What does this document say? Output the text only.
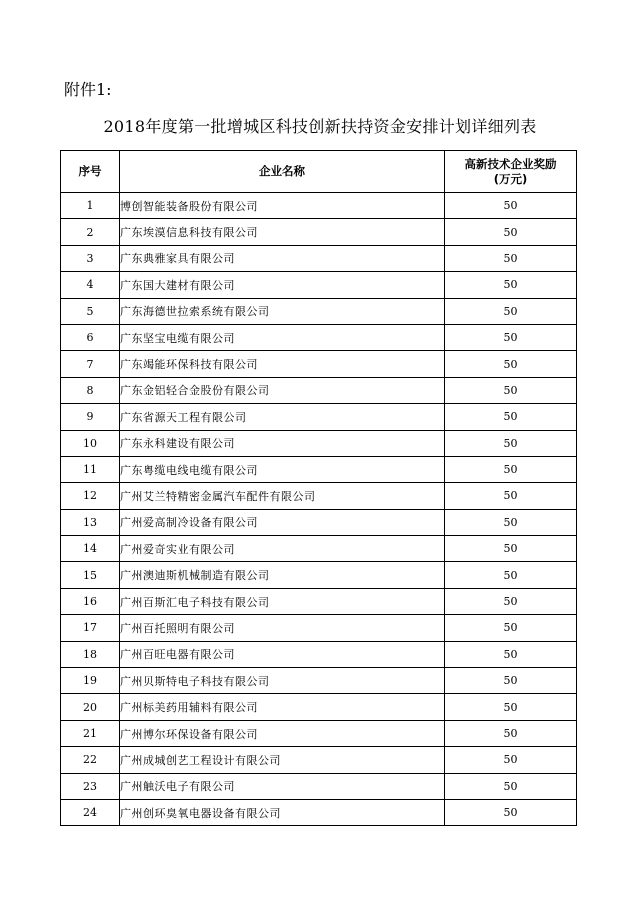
附件1:
2018年度第一批增城区科技创新扶持资金安排计划详细列表
序号	企业名称	高新技术企业奖励
(万元)

1	博创智能装备股份有限公司	50
2	广东埃漠信息科技有限公司	50
3	广东典雅家具有限公司	50
4	广东国大建材有限公司	50
5	广东海德世拉索系统有限公司	50
6	广东坚宝电缆有限公司	50
7	广东竭能环保科技有限公司	50
8	广东金铝轻合金股份有限公司	50
9	广东省源天工程有限公司	50
10	广东永科建设有限公司	50
11	广东粤缆电线电缆有限公司	50
12	广州艾兰特精密金属汽车配件有限公司	50
13	广州爱高制冷设备有限公司	50
14	广州爱奇实业有限公司	50
15	广州澳迪斯机械制造有限公司	50
16	广州百斯汇电子科技有限公司	50
17	广州百托照明有限公司	50
18	广州百旺电器有限公司	50
19	广州贝斯特电子科技有限公司	50
20	广州标美药用辅料有限公司	50
21	广州博尔环保设备有限公司	50
22	广州成城创艺工程设计有限公司	50
23	广州触沃电子有限公司	50
24	广州创环臭氧电器设备有限公司	50
